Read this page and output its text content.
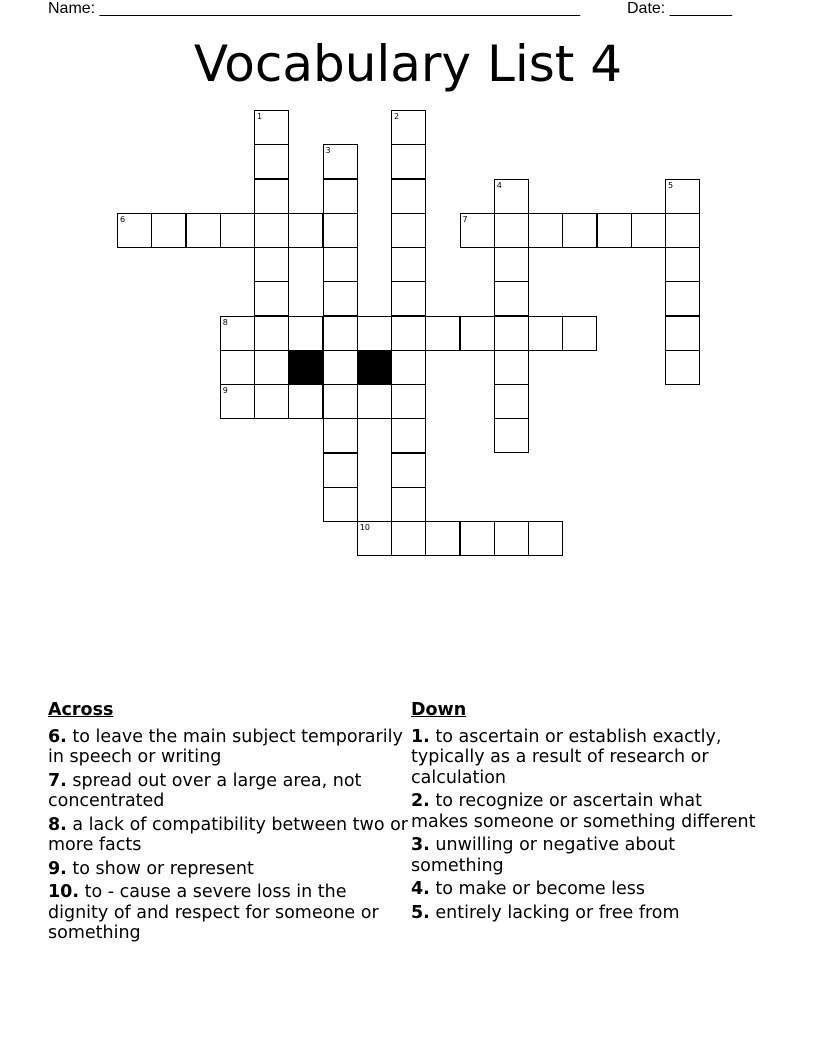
Name: ______________________________________________________	Date: _______
Vocabulary List 4
1	2
3
4	5
6	7
8
9
10
Across
6. to leave the main subject temporarily in speech or writing
7. spread out over a large area, not concentrated
8. a lack of compatibility between two or more facts
9. to show or represent
10. to - cause a severe loss in the dignity of and respect for someone or something
Down
1. to ascertain or establish exactly, typically as a result of research or calculation
2. to recognize or ascertain what makes someone or something different
3. unwilling or negative about something
4. to make or become less
5. entirely lacking or free from
